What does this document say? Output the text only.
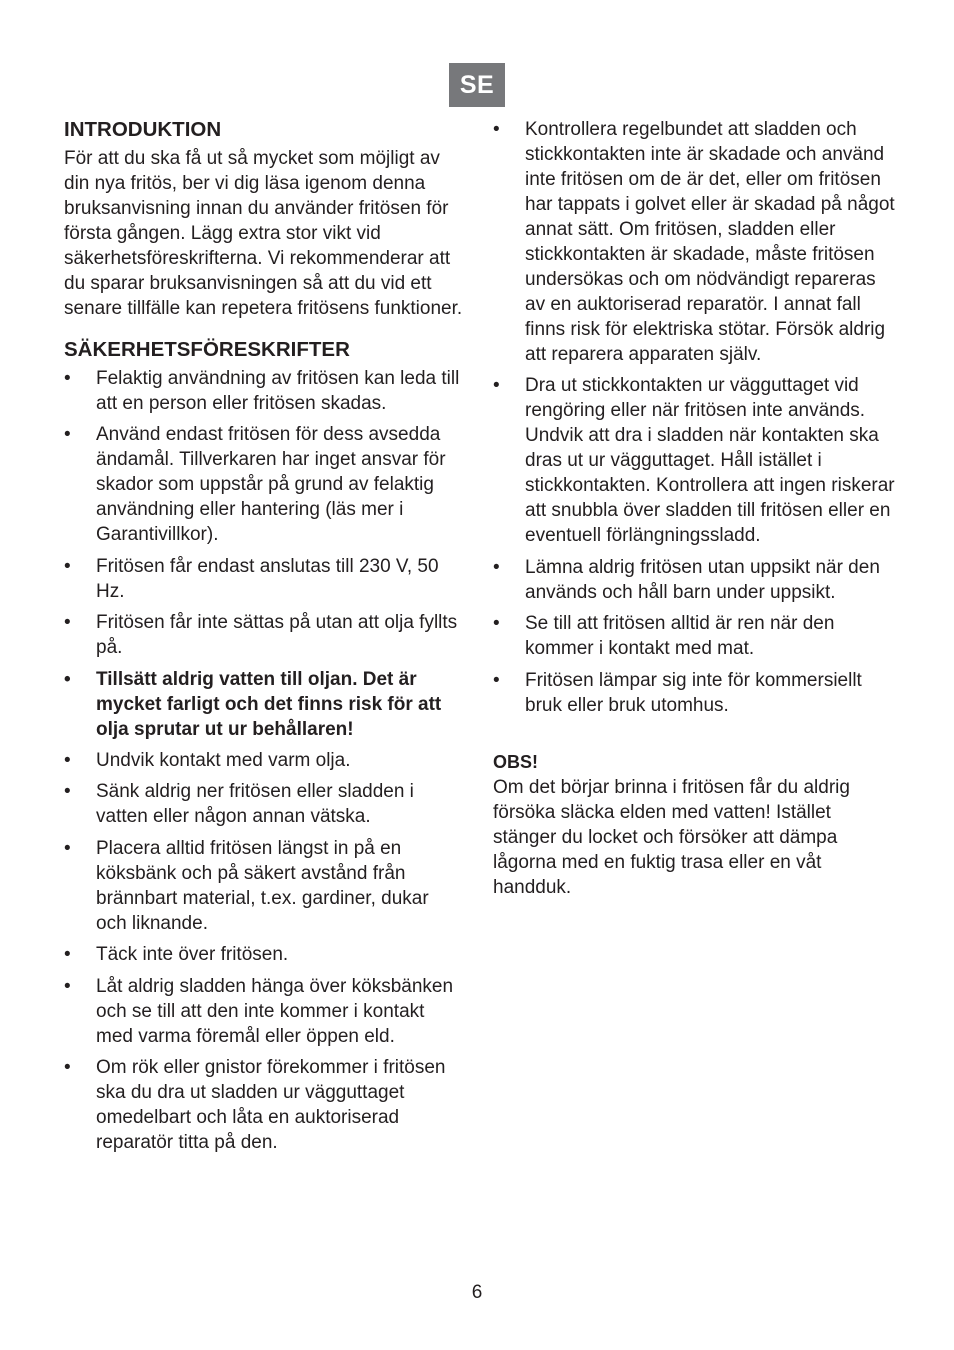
SE
INTRODUKTION

För att du ska få ut så mycket som möjligt av din nya fritös, ber vi dig läsa igenom denna bruksanvisning innan du använder fritösen för första gången. Lägg extra stor vikt vid säkerhetsföreskrifterna. Vi rekommenderar att du sparar bruksanvisningen så att du vid ett senare tillfälle kan repetera fritösens funktioner.

SÄKERHETSFÖRESKRIFTER
• Felaktig användning av fritösen kan leda till att en person eller fritösen skadas.
• Använd endast fritösen för dess avsedda ändamål. Tillverkaren har inget ansvar för skador som uppstår på grund av felaktig användning eller hantering (läs mer i Garantivillkor).
• Fritösen får endast anslutas till 230 V, 50 Hz.
• Fritösen får inte sättas på utan att olja fyllts på.
• Tillsätt aldrig vatten till oljan. Det är mycket farligt och det finns risk för att olja sprutar ut ur behållaren!
• Undvik kontakt med varm olja.
• Sänk aldrig ner fritösen eller sladden i vatten eller någon annan vätska.
• Placera alltid fritösen längst in på en köksbänk och på säkert avstånd från brännbart material, t.ex. gardiner, dukar och liknande.
• Täck inte över fritösen.
• Låt aldrig sladden hänga över köksbänken och se till att den inte kommer i kontakt med varma föremål eller öppen eld.
• Om rök eller gnistor förekommer i fritösen ska du dra ut sladden ur vägguttaget omedelbart och låta en auktoriserad reparatör titta på den.
• Kontrollera regelbundet att sladden och stickkontakten inte är skadade och använd inte fritösen om de är det, eller om fritösen har tappats i golvet eller är skadad på något annat sätt. Om fritösen, sladden eller stickkontakten är skadade, måste fritösen undersökas och om nödvändigt repareras av en auktoriserad reparatör. I annat fall finns risk för elektriska stötar. Försök aldrig att reparera apparaten själv.
• Dra ut stickkontakten ur vägguttaget vid rengöring eller när fritösen inte används. Undvik att dra i sladden när kontakten ska dras ut ur vägguttaget. Håll istället i stickkontakten. Kontrollera att ingen riskerar att snubbla över sladden till fritösen eller en eventuell förlängningssladd.
• Lämna aldrig fritösen utan uppsikt när den används och håll barn under uppsikt.
• Se till att fritösen alltid är ren när den kommer i kontakt med mat.
• Fritösen lämpar sig inte för kommersiellt bruk eller bruk utomhus.
OBS!

Om det börjar brinna i fritösen får du aldrig försöka släcka elden med vatten! Istället stänger du locket och försöker att dämpa lågorna med en fuktig trasa eller en våt handduk.

6
